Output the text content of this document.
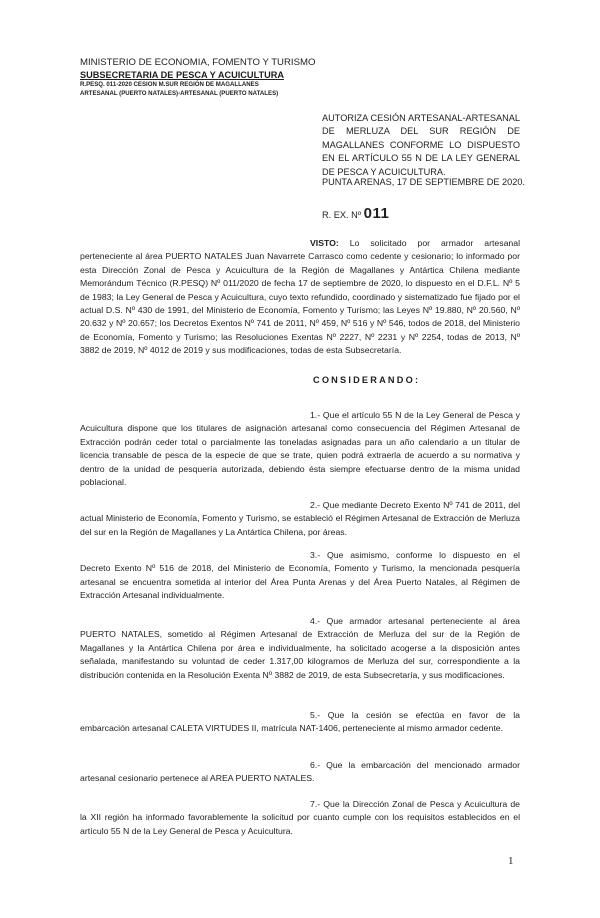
MINISTERIO DE ECONOMIA, FOMENTO Y TURISMO
SUBSECRETARIA DE PESCA Y ACUICULTURA
R.PESQ. 011-2020 CESION M.SUR REGIÓN DE MAGALLANES
ARTESANAL (PUERTO NATALES)-ARTESANAL (PUERTO NATALES)
AUTORIZA CESIÓN ARTESANAL-ARTESANAL DE MERLUZA DEL SUR REGIÓN DE MAGALLANES CONFORME LO DISPUESTO EN EL ARTÍCULO 55 N DE LA LEY GENERAL DE PESCA Y ACUICULTURA.
PUNTA ARENAS, 17 DE SEPTIEMBRE DE 2020.
R. EX. Nº 011
VISTO: Lo solicitado por armador artesanal perteneciente al área PUERTO NATALES Juan Navarrete Carrasco como cedente y cesionario; lo informado por esta Dirección Zonal de Pesca y Acuicultura de la Región de Magallanes y Antártica Chilena mediante Memorándum Técnico (R.PESQ) Nº 011/2020 de fecha 17 de septiembre de 2020, lo dispuesto en el D.F.L. Nº 5 de 1983; la Ley General de Pesca y Acuicultura, cuyo texto refundido, coordinado y sistematizado fue fijado por el actual D.S. Nº 430 de 1991, del Ministerio de Economía, Fomento y Turismo; las Leyes Nº 19.880, Nº 20.560, Nº 20.632 y Nº 20.657; los Decretos Exentos Nº 741 de 2011, Nº 459, Nº 516 y Nº 546, todos de 2018, del Ministerio de Economía, Fomento y Turismo; las Resoluciones Exentas Nº 2227, Nº 2231 y Nº 2254, todas de 2013, Nº 3882 de 2019, Nº 4012 de 2019 y sus modificaciones, todas de esta Subsecretaría.
CONSIDERANDO:
1.- Que el artículo 55 N de la Ley General de Pesca y Acuicultura dispone que los titulares de asignación artesanal como consecuencia del Régimen Artesanal de Extracción podrán ceder total o parcialmente las toneladas asignadas para un año calendario a un titular de licencia transable de pesca de la especie de que se trate, quien podrá extraerla de acuerdo a su normativa y dentro de la unidad de pesquería autorizada, debiendo ésta siempre efectuarse dentro de la misma unidad poblacional.
2.- Que mediante Decreto Exento Nº 741 de 2011, del actual Ministerio de Economía, Fomento y Turismo, se estableció el Régimen Artesanal de Extracción de Merluza del sur en la Región de Magallanes y La Antártica Chilena, por áreas.
3.- Que asimismo, conforme lo dispuesto en el Decreto Exento Nº 516 de 2018, del Ministerio de Economía, Fomento y Turismo, la mencionada pesquería artesanal se encuentra sometida al interior del Área Punta Arenas y del Área Puerto Natales, al Régimen de Extracción Artesanal individualmente.
4.- Que armador artesanal perteneciente al área PUERTO NATALES, sometido al Régimen Artesanal de Extracción de Merluza del sur de la Región de Magallanes y la Antártica Chilena por área e individualmente, ha solicitado acogerse a la disposición antes señalada, manifestando su voluntad de ceder 1.317,00 kilogramos de Merluza del sur, correspondiente a la distribución contenida en la Resolución Exenta Nº 3882 de 2019, de esta Subsecretaría, y sus modificaciones.
5.- Que la cesión se efectúa en favor de la embarcación artesanal CALETA VIRTUDES II, matrícula NAT-1406, perteneciente al mismo armador cedente.
6.- Que la embarcación del mencionado armador artesanal cesionario pertenece al AREA PUERTO NATALES.
7.- Que la Dirección Zonal de Pesca y Acuicultura de la XII región ha informado favorablemente la solicitud por cuanto cumple con los requisitos establecidos en el artículo 55 N de la Ley General de Pesca y Acuicultura.
1
